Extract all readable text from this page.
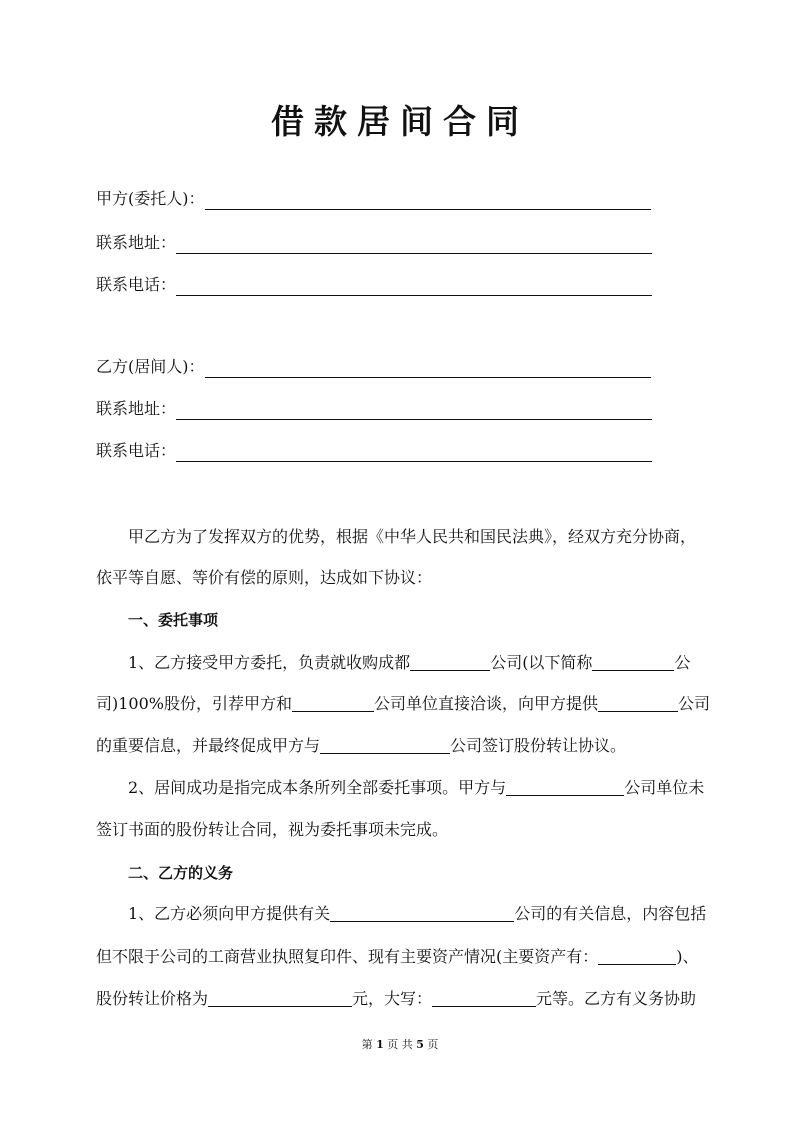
借款居间合同
甲方(委托人)：
联系地址：
联系电话：
乙方(居间人)：
联系地址：
联系电话：
甲乙方为了发挥双方的优势，根据《中华人民共和国民法典》，经双方充分协商，
依平等自愿、等价有偿的原则，达成如下协议：
一、委托事项
1、乙方接受甲方委托，负责就收购成都	公司(以下简称	公
司)100%股份，引荐甲方和	公司单位直接洽谈，向甲方提供	公司
的重要信息，并最终促成甲方与	公司签订股份转让协议。
2、居间成功是指完成本条所列全部委托事项。甲方与	公司单位未
签订书面的股份转让合同，视为委托事项未完成。
二、乙方的义务
1、乙方必须向甲方提供有关	公司的有关信息，内容包括
但不限于公司的工商营业执照复印件、现有主要资产情况(主要资产有：	)、
股份转让价格为	元，大写：	元等。乙方有义务协助
第 1 页 共 5 页
